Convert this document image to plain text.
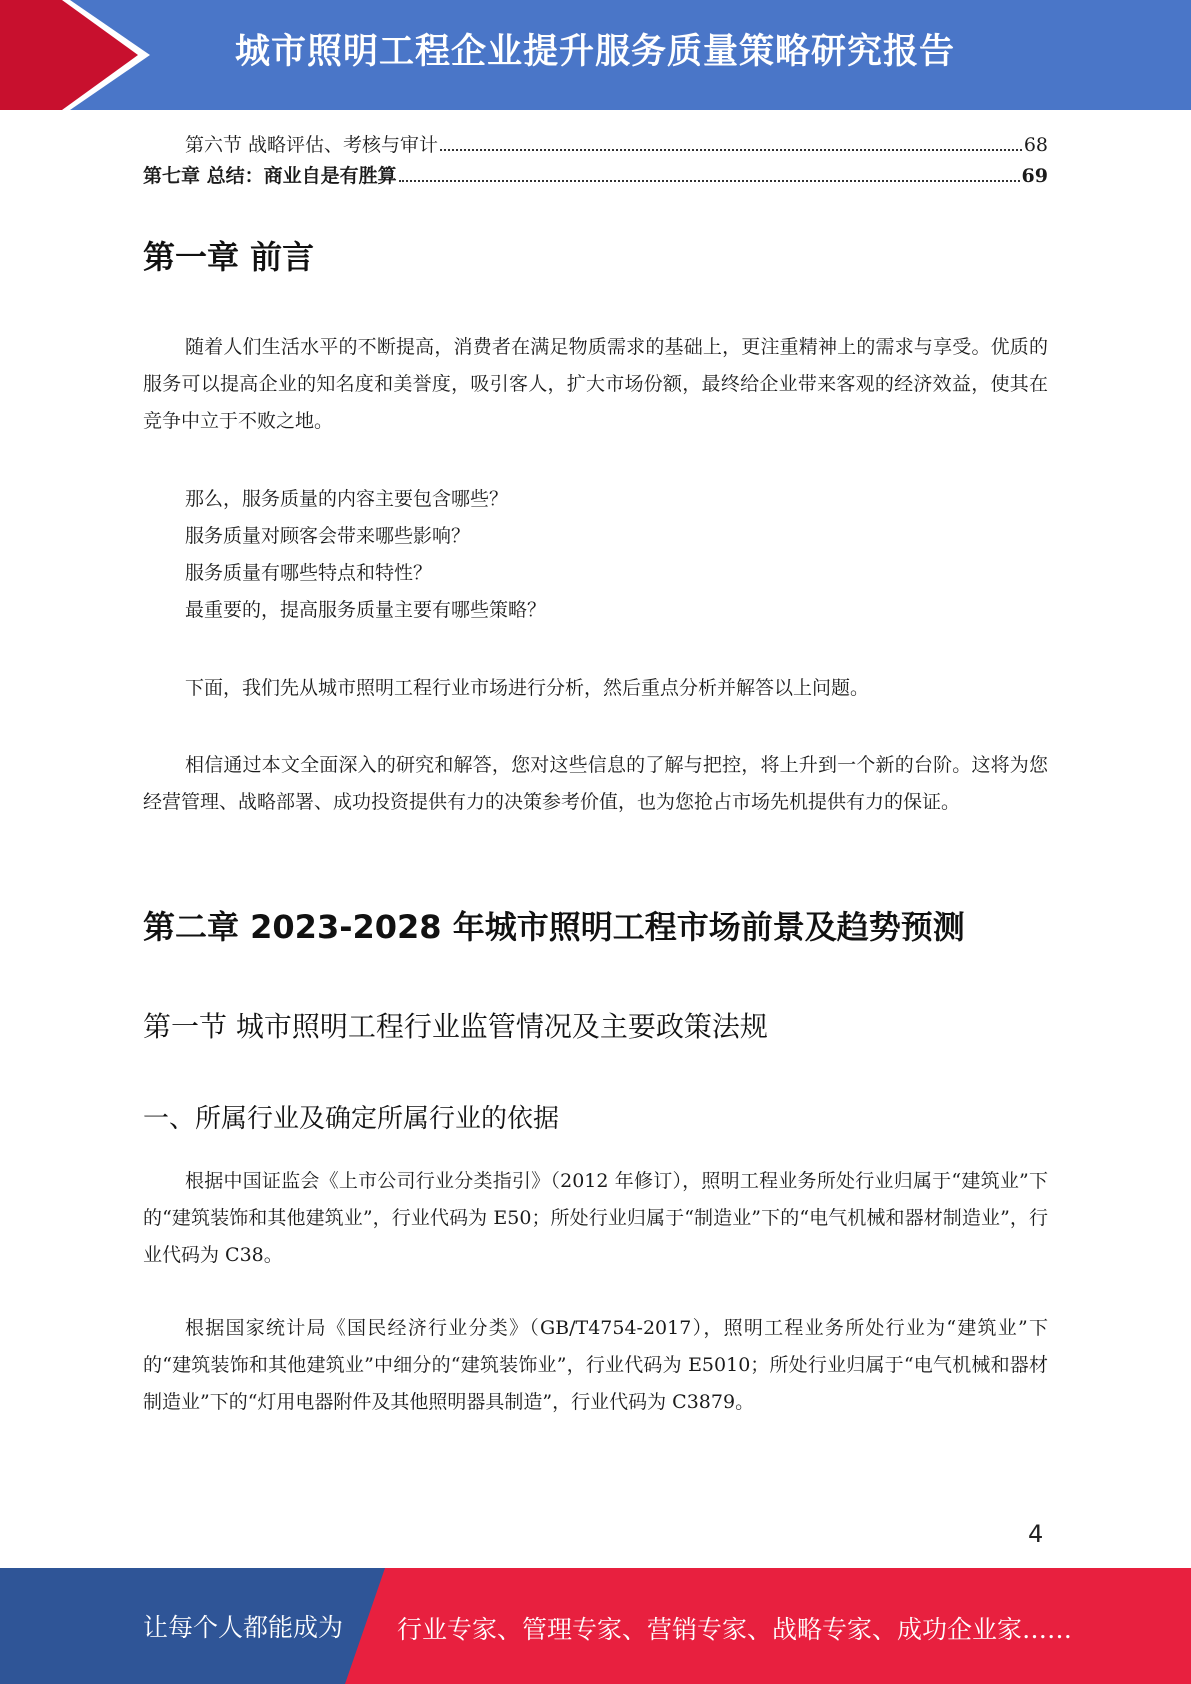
城市照明工程企业提升服务质量策略研究报告
第六节 战略评估、考核与审计	68
第七章 总结：商业自是有胜算	69
第一章 前言

随着人们生活水平的不断提高，消费者在满足物质需求的基础上，更注重精神上的需求与享受。优质的服务可以提高企业的知名度和美誉度，吸引客人，扩大市场份额，最终给企业带来客观的经济效益，使其在竞争中立于不败之地。

那么，服务质量的内容主要包含哪些？
服务质量对顾客会带来哪些影响？
服务质量有哪些特点和特性？
最重要的，提高服务质量主要有哪些策略？

下面，我们先从城市照明工程行业市场进行分析，然后重点分析并解答以上问题。

相信通过本文全面深入的研究和解答，您对这些信息的了解与把控，将上升到一个新的台阶。这将为您经营管理、战略部署、成功投资提供有力的决策参考价值，也为您抢占市场先机提供有力的保证。

第二章 2023-2028 年城市照明工程市场前景及趋势预测
第一节 城市照明工程行业监管情况及主要政策法规
一、所属行业及确定所属行业的依据

根据中国证监会《上市公司行业分类指引》（2012 年修订），照明工程业务所处行业归属于“建筑业”下的“建筑装饰和其他建筑业”，行业代码为 E50；所处行业归属于“制造业”下的“电气机械和器材制造业”，行业代码为 C38。

根据国家统计局《国民经济行业分类》（GB/T4754-2017），照明工程业务所处行业为“建筑业”下的“建筑装饰和其他建筑业”中细分的“建筑装饰业”，行业代码为 E5010；所处行业归属于“电气机械和器材制造业”下的“灯用电器附件及其他照明器具制造”，行业代码为 C3879。

4
让每个人都能成为 行业专家、管理专家、营销专家、战略专家、成功企业家……
